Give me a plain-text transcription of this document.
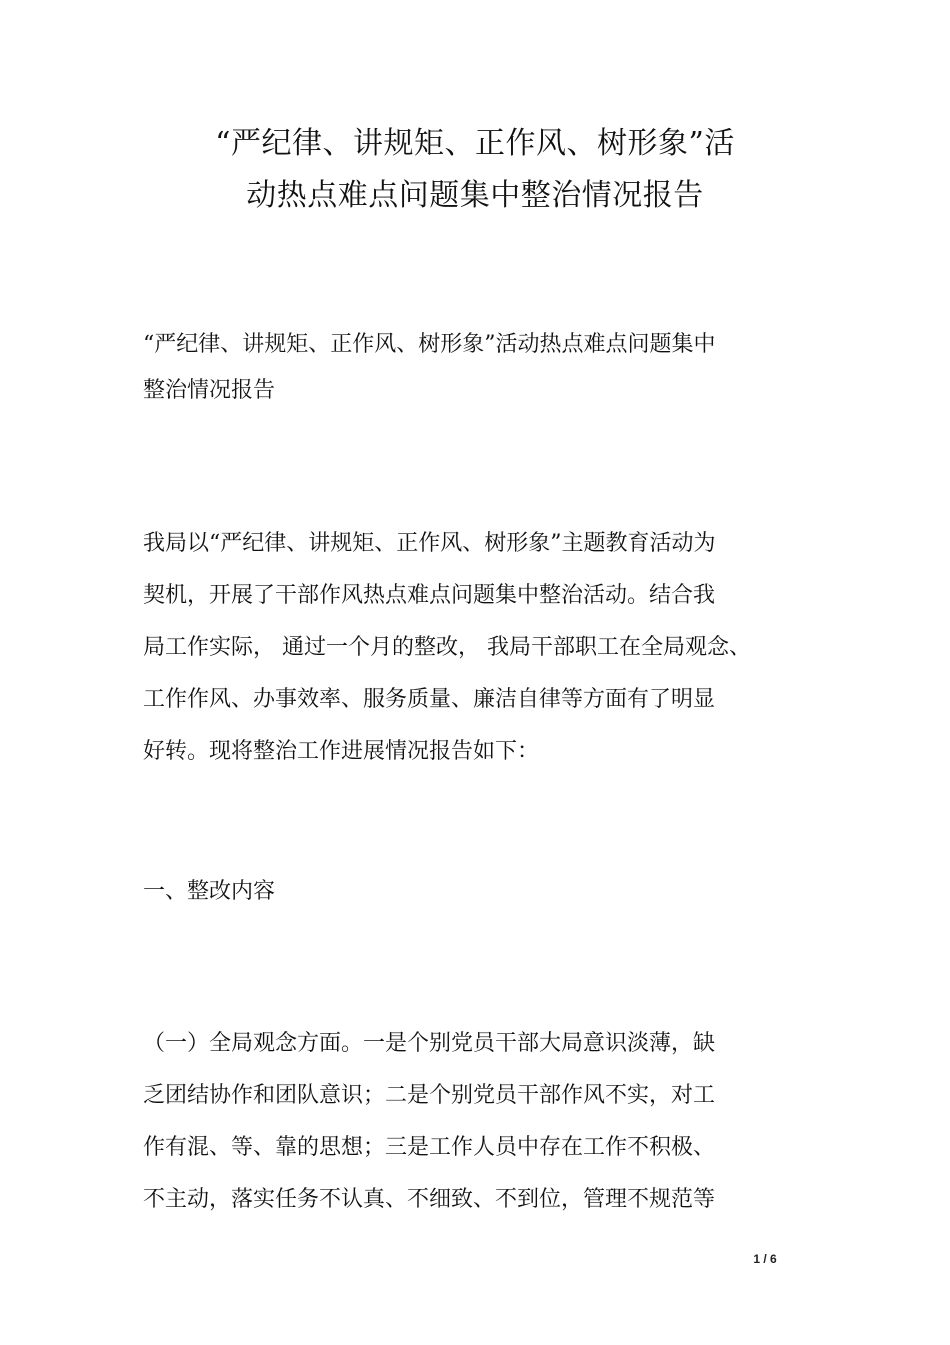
“严纪律、讲规矩、正作风、树形象”活
动热点难点问题集中整治情况报告
“严纪律、讲规矩、正作风、树形象”活动热点难点问题集中
整治情况报告
我局以“严纪律、讲规矩、正作风、树形象”主题教育活动为
契机，开展了干部作风热点难点问题集中整治活动。结合我
局工作实际， 通过一个月的整改， 我局干部职工在全局观念、
工作作风、办事效率、服务质量、廉洁自律等方面有了明显
好转。现将整治工作进展情况报告如下：
一、整改内容
（一）全局观念方面。一是个别党员干部大局意识淡薄，缺
乏团结协作和团队意识；二是个别党员干部作风不实，对工
作有混、等、靠的思想；三是工作人员中存在工作不积极、
不主动，落实任务不认真、不细致、不到位，管理不规范等
1 / 6
